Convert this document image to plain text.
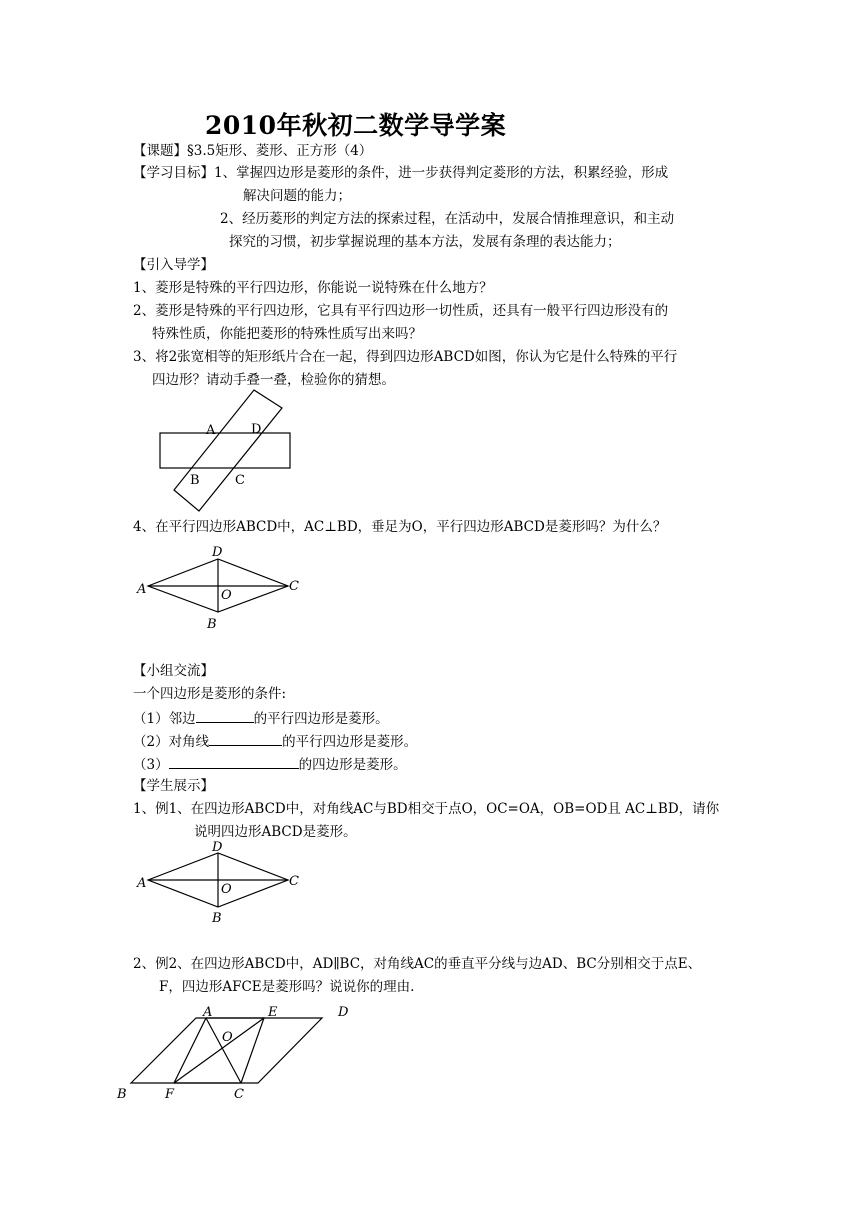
2010年秋初二数学导学案
【课题】§3.5矩形、菱形、正方形（4）
【学习目标】1、掌握四边形是菱形的条件，进一步获得判定菱形的方法，积累经验，形成
解决问题的能力；
2、经历菱形的判定方法的探索过程，在活动中，发展合情推理意识，和主动
探究的习惯，初步掌握说理的基本方法，发展有条理的表达能力；
【引入导学】
1、菱形是特殊的平行四边形，你能说一说特殊在什么地方？
2、菱形是特殊的平行四边形，它具有平行四边形一切性质，还具有一般平行四边形没有的
特殊性质，你能把菱形的特殊性质写出来吗？
3、将2张宽相等的矩形纸片合在一起，得到四边形ABCD如图，你认为它是什么特殊的平行
四边形？请动手叠一叠，检验你的猜想。
A	D
B	C
4、在平行四边形ABCD中，AC⊥BD，垂足为O，平行四边形ABCD是菱形吗？为什么？
D
A	C
O
B
【小组交流】
一个四边形是菱形的条件:
（1）邻边	的平行四边形是菱形。
（2）对角线	的平行四边形是菱形。
（3）	的四边形是菱形。
【学生展示】
1、例1、在四边形ABCD中，对角线AC与BD相交于点O，OC=OA，OB=OD且 AC⊥BD，请你
说明四边形ABCD是菱形。
D
A	C
O
B
2、例2、在四边形ABCD中，AD∥BC，对角线AC的垂直平分线与边AD、BC分别相交于点E、
F，四边形AFCE是菱形吗？说说你的理由.
A	E	D
O
B	F	C
